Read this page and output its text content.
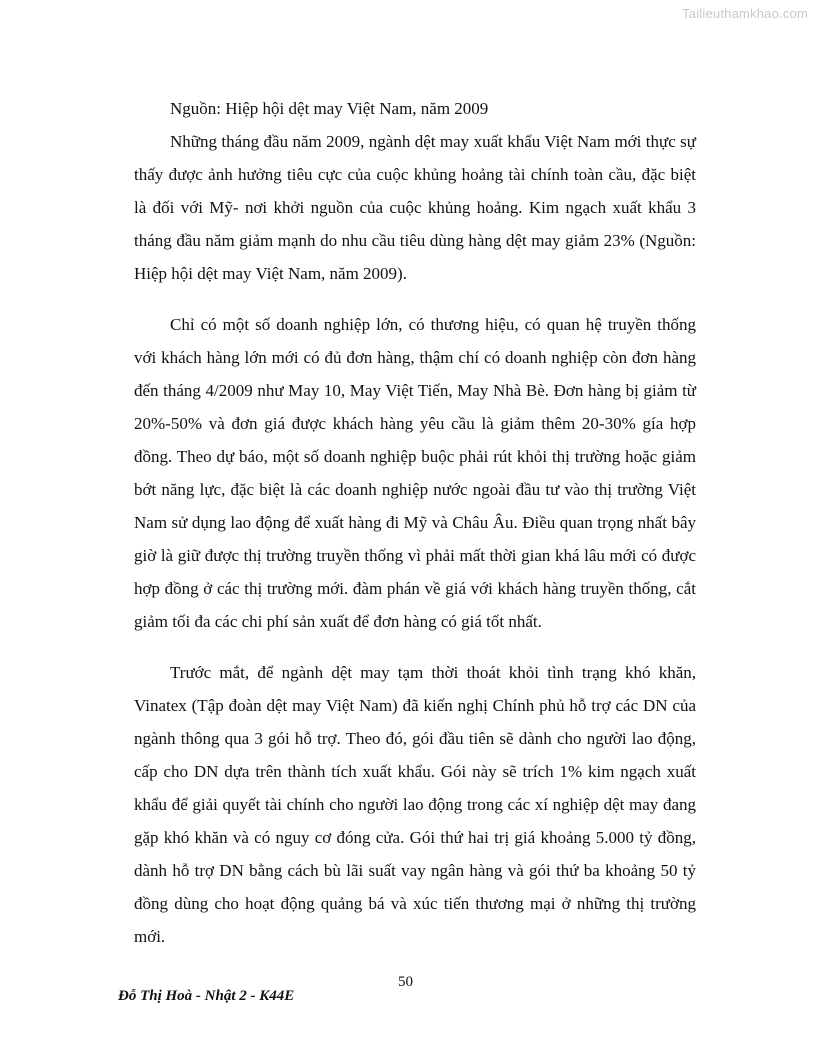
Tailieuthamkhao.com

Nguồn: Hiệp hội dệt may Việt Nam, năm 2009

Những tháng đầu năm 2009, ngành dệt may xuất khẩu Việt Nam mới thực sự thấy được ảnh hưởng tiêu cực của cuộc khủng hoảng tài chính toàn cầu, đặc biệt là đối với Mỹ- nơi khởi nguồn của cuộc khủng hoảng. Kim ngạch xuất khẩu 3 tháng đầu năm giảm mạnh do nhu cầu tiêu dùng hàng dệt may giảm 23% (Nguồn: Hiệp hội dệt may Việt Nam, năm 2009).

Chỉ có một số doanh nghiệp lớn, có thương hiệu, có quan hệ truyền thống với khách hàng lớn mới có đủ đơn hàng, thậm chí có doanh nghiệp còn đơn hàng đến tháng 4/2009 như May 10, May Việt Tiến, May Nhà Bè. Đơn hàng bị giảm từ 20%-50% và đơn giá được khách hàng yêu cầu là giảm thêm 20-30% gía hợp đồng. Theo dự báo, một số doanh nghiệp buộc phải rút khỏi thị trường hoặc giảm bớt năng lực, đặc biệt là các doanh nghiệp nước ngoài đầu tư vào thị trường Việt Nam sử dụng lao động để xuất hàng đi Mỹ và Châu Âu. Điều quan trọng nhất bây giờ là giữ được thị trường truyền thống vì phải mất thời gian khá lâu mới có được hợp đồng ở các thị trường mới. đàm phán về giá với khách hàng truyền thống, cắt giảm tối đa các chi phí sản xuất để đơn hàng có giá tốt nhất.

Trước mắt, để ngành dệt may tạm thời thoát khỏi tình trạng khó khăn, Vinatex (Tập đoàn dệt may Việt Nam) đã kiến nghị Chính phủ hỗ trợ các DN của ngành thông qua 3 gói hỗ trợ. Theo đó, gói đầu tiên sẽ dành cho người lao động, cấp cho DN dựa trên thành tích xuất khẩu. Gói này sẽ trích 1% kim ngạch xuất khẩu để giải quyết tài chính cho người lao động trong các xí nghiệp dệt may đang gặp khó khăn và có nguy cơ đóng cửa. Gói thứ hai trị giá khoảng 5.000 tỷ đồng, dành hỗ trợ DN bằng cách bù lãi suất vay ngân hàng và gói thứ ba khoảng 50 tỷ đồng dùng cho hoạt động quảng bá và xúc tiến thương mại ở những thị trường mới.

50
Đỗ Thị Hoà - Nhật 2 - K44E
